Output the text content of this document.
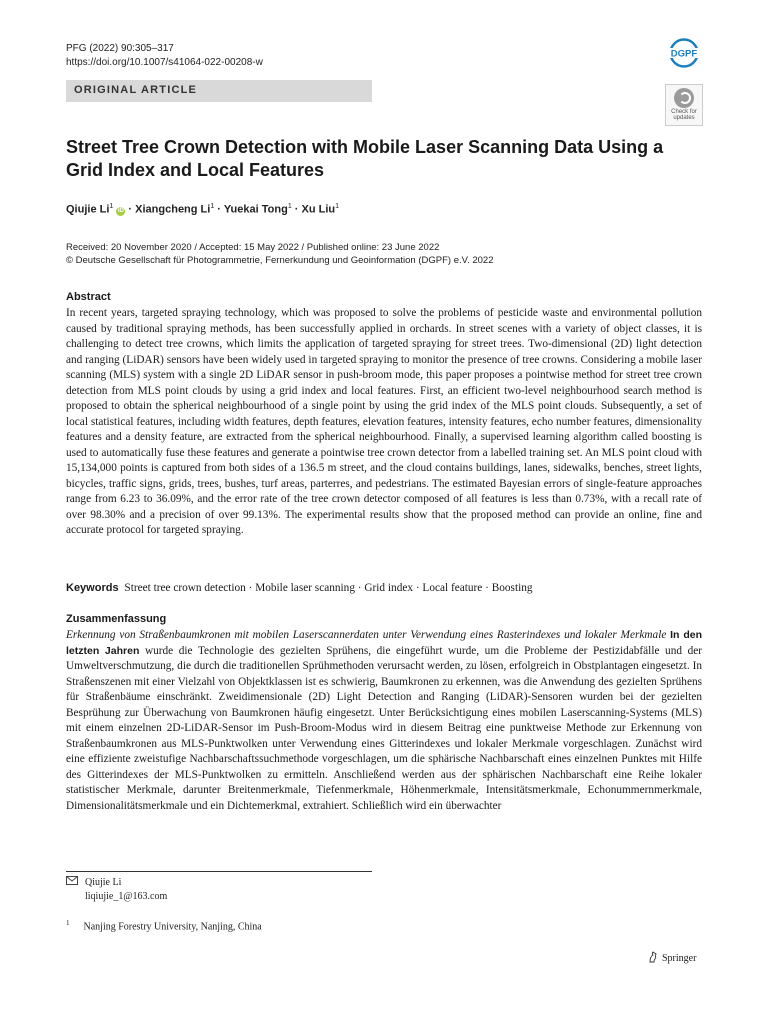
PFG (2022) 90:305–317
https://doi.org/10.1007/s41064-022-00208-w
ORIGINAL ARTICLE
DGPF
Check for updates
Street Tree Crown Detection with Mobile Laser Scanning Data Using a Grid Index and Local Features
Qiujie Li$^1$ iD · Xiangcheng $Li^1$ · Yuekai Tong$^1$ · Xu Liu$^1$
Received: 20 November 2020 / Accepted: 15 May 2022 / Published online: 23 June 2022
© Deutsche Gesellschaft für Photogrammetrie, Fernerkundung und Geoinformation (DGPF) e.V. 2022
Abstract
In recent years, targeted spraying technology, which was proposed to solve the problems of pesticide waste and environmental pollution caused by traditional spraying methods, has been successfully applied in orchards. In street scenes with a variety of object classes, it is challenging to detect tree crowns, which limits the application of targeted spraying for street trees. Two-dimensional (2D) light detection and ranging (LiDAR) sensors have been widely used in targeted spraying to monitor the presence of tree crowns. Considering a mobile laser scanning (MLS) system with a single 2D LiDAR sensor in push-broom mode, this paper proposes a pointwise method for street tree crown detection from MLS point clouds by using a grid index and local features. First, an efficient two-level neighbourhood search method is proposed to obtain the spherical neighbourhood of a single point by using the grid index of the MLS point clouds. Subsequently, a set of local statistical features, including width features, depth features, elevation features, intensity features, echo number features, dimensionality features and a density feature, are extracted from the spherical neighbourhood. Finally, a supervised learning algorithm called boosting is used to automatically fuse these features and generate a pointwise tree crown detector from a labelled training set. An MLS point cloud with 15,134,000 points is captured from both sides of a 136.5 m street, and the cloud contains buildings, lanes, sidewalks, benches, street lights, bicycles, traffic signs, grids, trees, bushes, turf areas, parterres, and pedestrians. The estimated Bayesian errors of single-feature approaches range from 6.23 to 36.09%, and the error rate of the tree crown detector composed of all features is less than 0.73%, with a recall rate of over 98.30% and a precision of over 99.13%. The experimental results show that the proposed method can provide an online, fine and accurate protocol for targeted spraying.
Keywords Street tree crown detection · Mobile laser scanning · Grid index · Local feature · Boosting
Zusammenfassung
Erkennung von Straßenbaumkronen mit mobilen Laserscannerdaten unter Verwendung eines Rasterindexes und lokaler Merkmale In den letzten Jahren wurde die Technologie des gezielten Sprühens, die eingeführt wurde, um die Probleme der Pestizidabfälle und der Umweltverschmutzung, die durch die traditionellen Sprühmethoden verursacht werden, zu lösen, erfolgreich in Obstplantagen eingesetzt. In Straßenszenen mit einer Vielzahl von Objektklassen ist es schwierig, Baumkronen zu erkennen, was die Anwendung des gezielten Sprühens für Straßenbäume einschränkt. Zweidimensionale (2D) Light Detection and Ranging (LiDAR)-Sensoren wurden bei der gezielten Besprühung zur Überwachung von Baumkronen häufig eingesetzt. Unter Berücksichtigung eines mobilen Laserscanning-Systems (MLS) mit einem einzelnen 2D-LiDAR-Sensor im Push-Broom-Modus wird in diesem Beitrag eine punktweise Methode zur Erkennung von Straßenbaumkronen aus MLS-Punktwolken unter Verwendung eines Gitterindexes und lokaler Merkmale vorgeschlagen. Zunächst wird eine effiziente zweistufige Nachbarschaftssuchmethode vorgeschlagen, um die sphärische Nachbarschaft eines einzelnen Punktes mit Hilfe des Gitterindexes der MLS-Punktwolken zu ermitteln. Anschließend werden aus der sphärischen Nachbarschaft eine Reihe lokaler statistischer Merkmale, darunter Breitenmerkmale, Tiefenmerkmale, Höhenmerkmale, Intensitätsmerkmale, Echonummernmerkmale, Dimensionalitätsmerkmale und ein Dichtemerkmal, extrahiert. Schließlich wird ein überwachter
Qiujie Li
liqiujie_1@163.com
$^1$ Nanjing Forestry University, Nanjing, China
Springer
